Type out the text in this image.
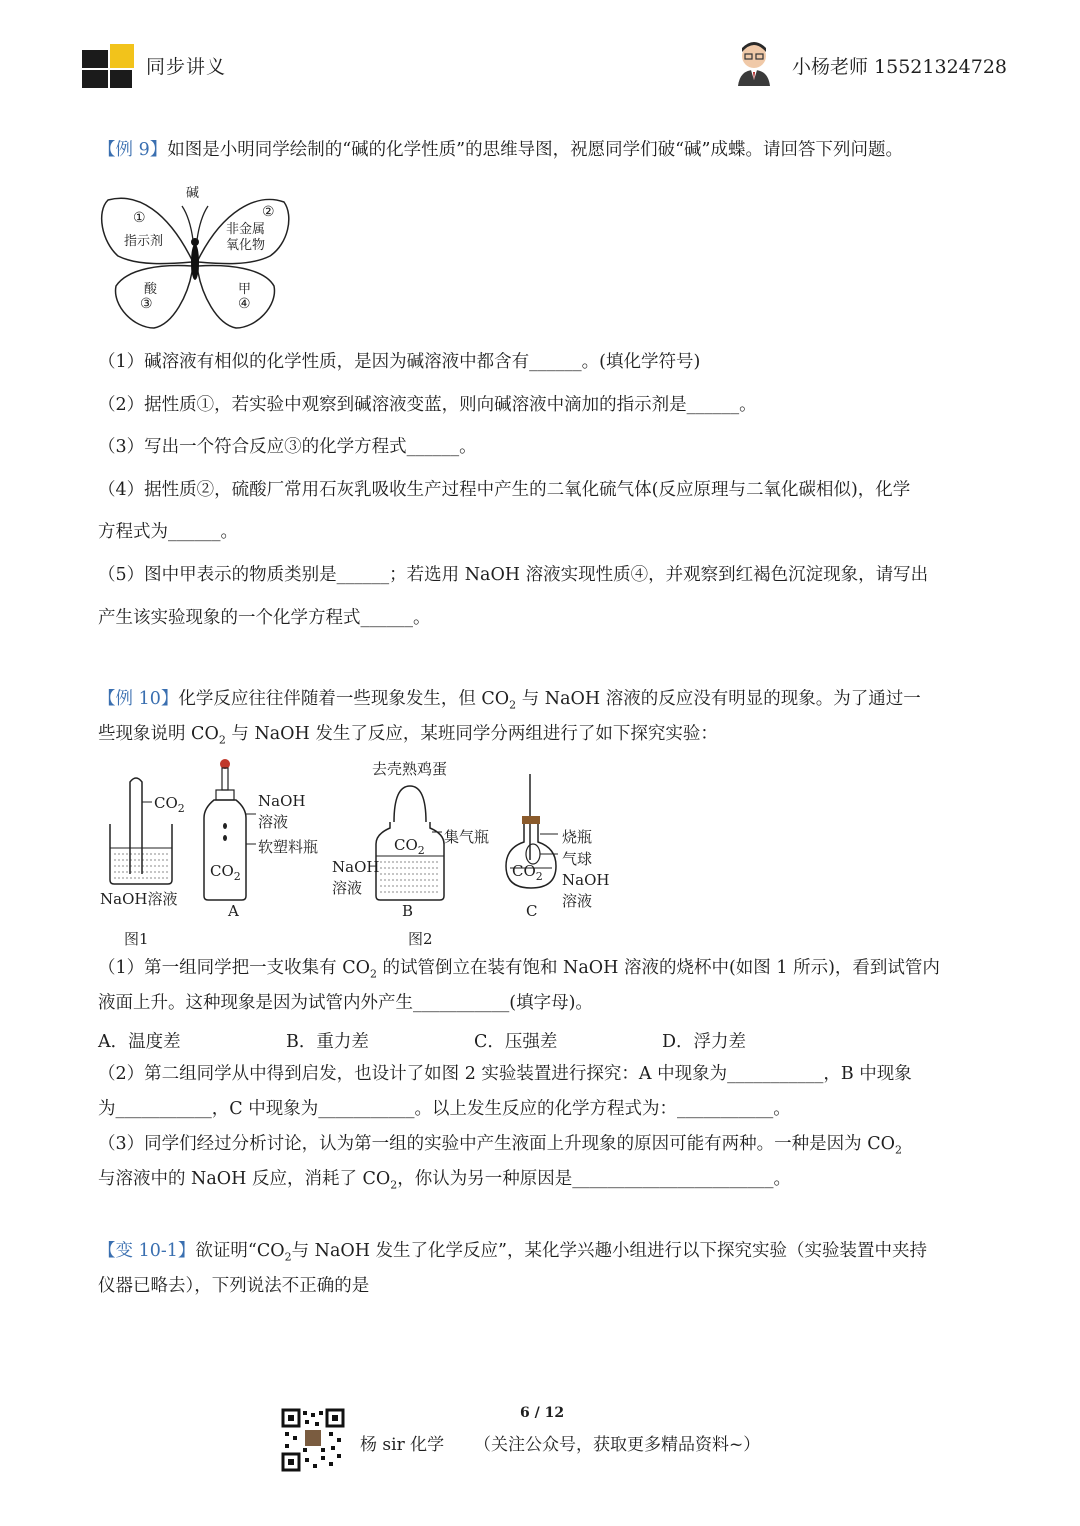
同步讲义	小杨老师 15521324728
【例 9】如图是小明同学绘制的“碱的化学性质”的思维导图，祝愿同学们破“碱”成蝶。请回答下列问题。
碱
①
指示剂
②
非金属
氧化物
酸
③
甲
④
（1）碱溶液有相似的化学性质，是因为碱溶液中都含有______。(填化学符号)
（2）据性质①，若实验中观察到碱溶液变蓝，则向碱溶液中滴加的指示剂是______。
（3）写出一个符合反应③的化学方程式______。
（4）据性质②，硫酸厂常用石灰乳吸收生产过程中产生的二氧化硫气体(反应原理与二氧化碳相似)，化学
方程式为______。
（5）图中甲表示的物质类别是______；若选用 NaOH 溶液实现性质④，并观察到红褐色沉淀现象，请写出
产生该实验现象的一个化学方程式______。
【例 10】化学反应往往伴随着一些现象发生，但 $CO_2$ 与 NaOH 溶液的反应没有明显的现象。为了通过一
些现象说明 $CO_2$ 与 NaOH 发生了反应，某班同学分两组进行了如下探究实验：
$CO_2$
NaOH溶液
图1
NaOH
溶液
软塑料瓶
$CO_2$
A
去壳熟鸡蛋
集气瓶
$CO_2$
NaOH
溶液
B
图2
烧瓶
气球
$CO_2$ NaOH
溶液
C
（1）第一组同学把一支收集有 $CO_2$ 的试管倒立在装有饱和 NaOH 溶液的烧杯中(如图 1 所示)，看到试管内
液面上升。这种现象是因为试管内外产生___________(填字母)。
A．温度差	B．重力差	C．压强差	D．浮力差
（2）第二组同学从中得到启发，也设计了如图 2 实验装置进行探究：A 中现象为___________，B 中现象
为___________，C 中现象为___________。以上发生反应的化学方程式为：___________。
（3）同学们经过分析讨论，认为第一组的实验中产生液面上升现象的原因可能有两种。一种是因为 $CO_2$
与溶液中的 NaOH 反应，消耗了 $CO_2$，你认为另一种原因是_______________________。
【变 10-1】欲证明“$CO_2$与 NaOH 发生了化学反应”，某化学兴趣小组进行以下探究实验（实验装置中夹持
仪器已略去），下列说法不正确的是
6 / 12
杨 sir 化学 （关注公众号，获取更多精品资料~）
